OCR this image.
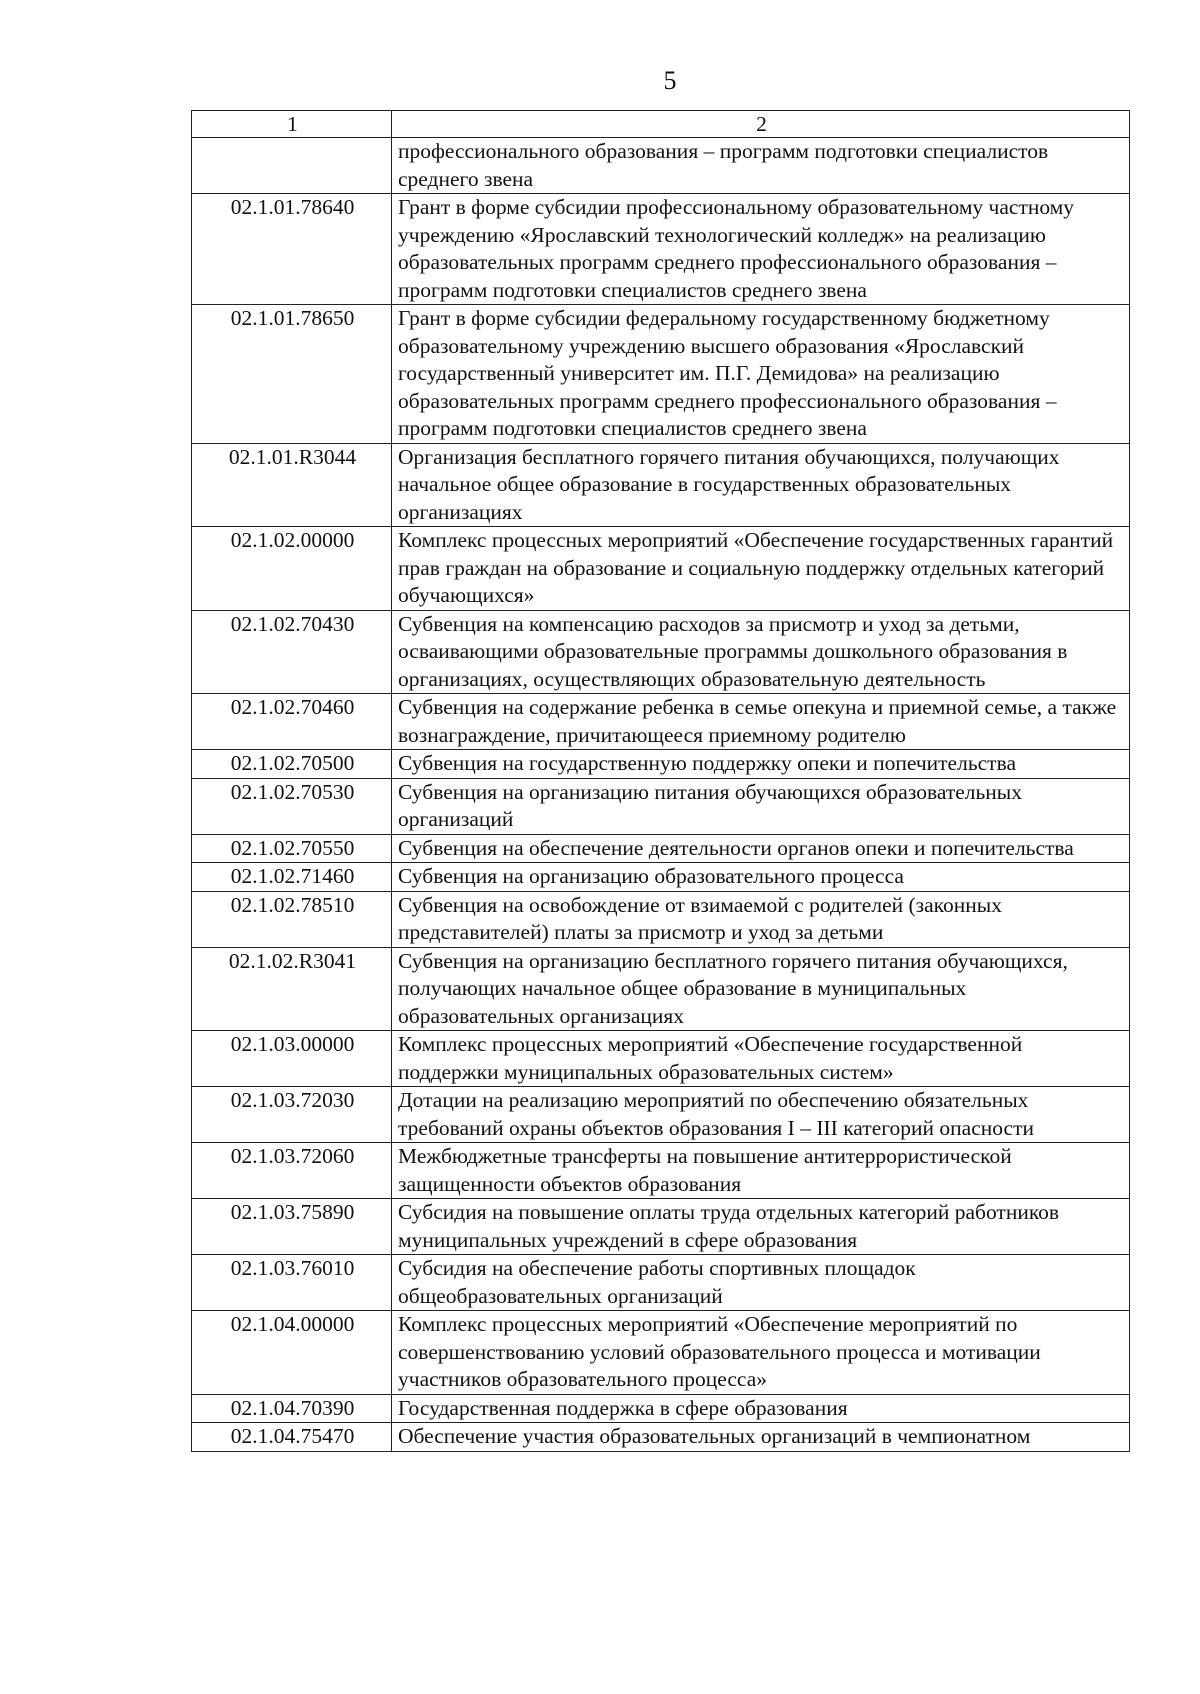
5
1	2
	профессионального образования – программ подготовки специалистов среднего звена
02.1.01.78640	Грант в форме субсидии профессиональному образовательному частному учреждению «Ярославский технологический колледж» на реализацию образовательных программ среднего профессионального образования – программ подготовки специалистов среднего звена
02.1.01.78650	Грант в форме субсидии федеральному государственному бюджетному образовательному учреждению высшего образования «Ярославский государственный университет им. П.Г. Демидова» на реализацию образовательных программ среднего профессионального образования – программ подготовки специалистов среднего звена
02.1.01.R3044	Организация бесплатного горячего питания обучающихся, получающих начальное общее образование в государственных образовательных организациях
02.1.02.00000	Комплекс процессных мероприятий «Обеспечение государственных гарантий прав граждан на образование и социальную поддержку отдельных категорий обучающихся»
02.1.02.70430	Субвенция на компенсацию расходов за присмотр и уход за детьми, осваивающими образовательные программы дошкольного образования в организациях, осуществляющих образовательную деятельность
02.1.02.70460	Субвенция на содержание ребенка в семье опекуна и приемной семье, а также вознаграждение, причитающееся приемному родителю
02.1.02.70500	Субвенция на государственную поддержку опеки и попечительства
02.1.02.70530	Субвенция на организацию питания обучающихся образовательных организаций
02.1.02.70550	Субвенция на обеспечение деятельности органов опеки и попечительства
02.1.02.71460	Субвенция на организацию образовательного процесса
02.1.02.78510	Субвенция на освобождение от взимаемой с родителей (законных представителей) платы за присмотр и уход за детьми
02.1.02.R3041	Субвенция на организацию бесплатного горячего питания обучающихся, получающих начальное общее образование в муниципальных образовательных организациях
02.1.03.00000	Комплекс процессных мероприятий «Обеспечение государственной поддержки муниципальных образовательных систем»
02.1.03.72030	Дотации на реализацию мероприятий по обеспечению обязательных требований охраны объектов образования I – III категорий опасности
02.1.03.72060	Межбюджетные трансферты на повышение антитеррористической защищенности объектов образования
02.1.03.75890	Субсидия на повышение оплаты труда отдельных категорий работников муниципальных учреждений в сфере образования
02.1.03.76010	Субсидия на обеспечение работы спортивных площадок общеобразовательных организаций
02.1.04.00000	Комплекс процессных мероприятий «Обеспечение мероприятий по совершенствованию условий образовательного процесса и мотивации участников образовательного процесса»
02.1.04.70390	Государственная поддержка в сфере образования
02.1.04.75470	Обеспечение участия образовательных организаций в чемпионатном
